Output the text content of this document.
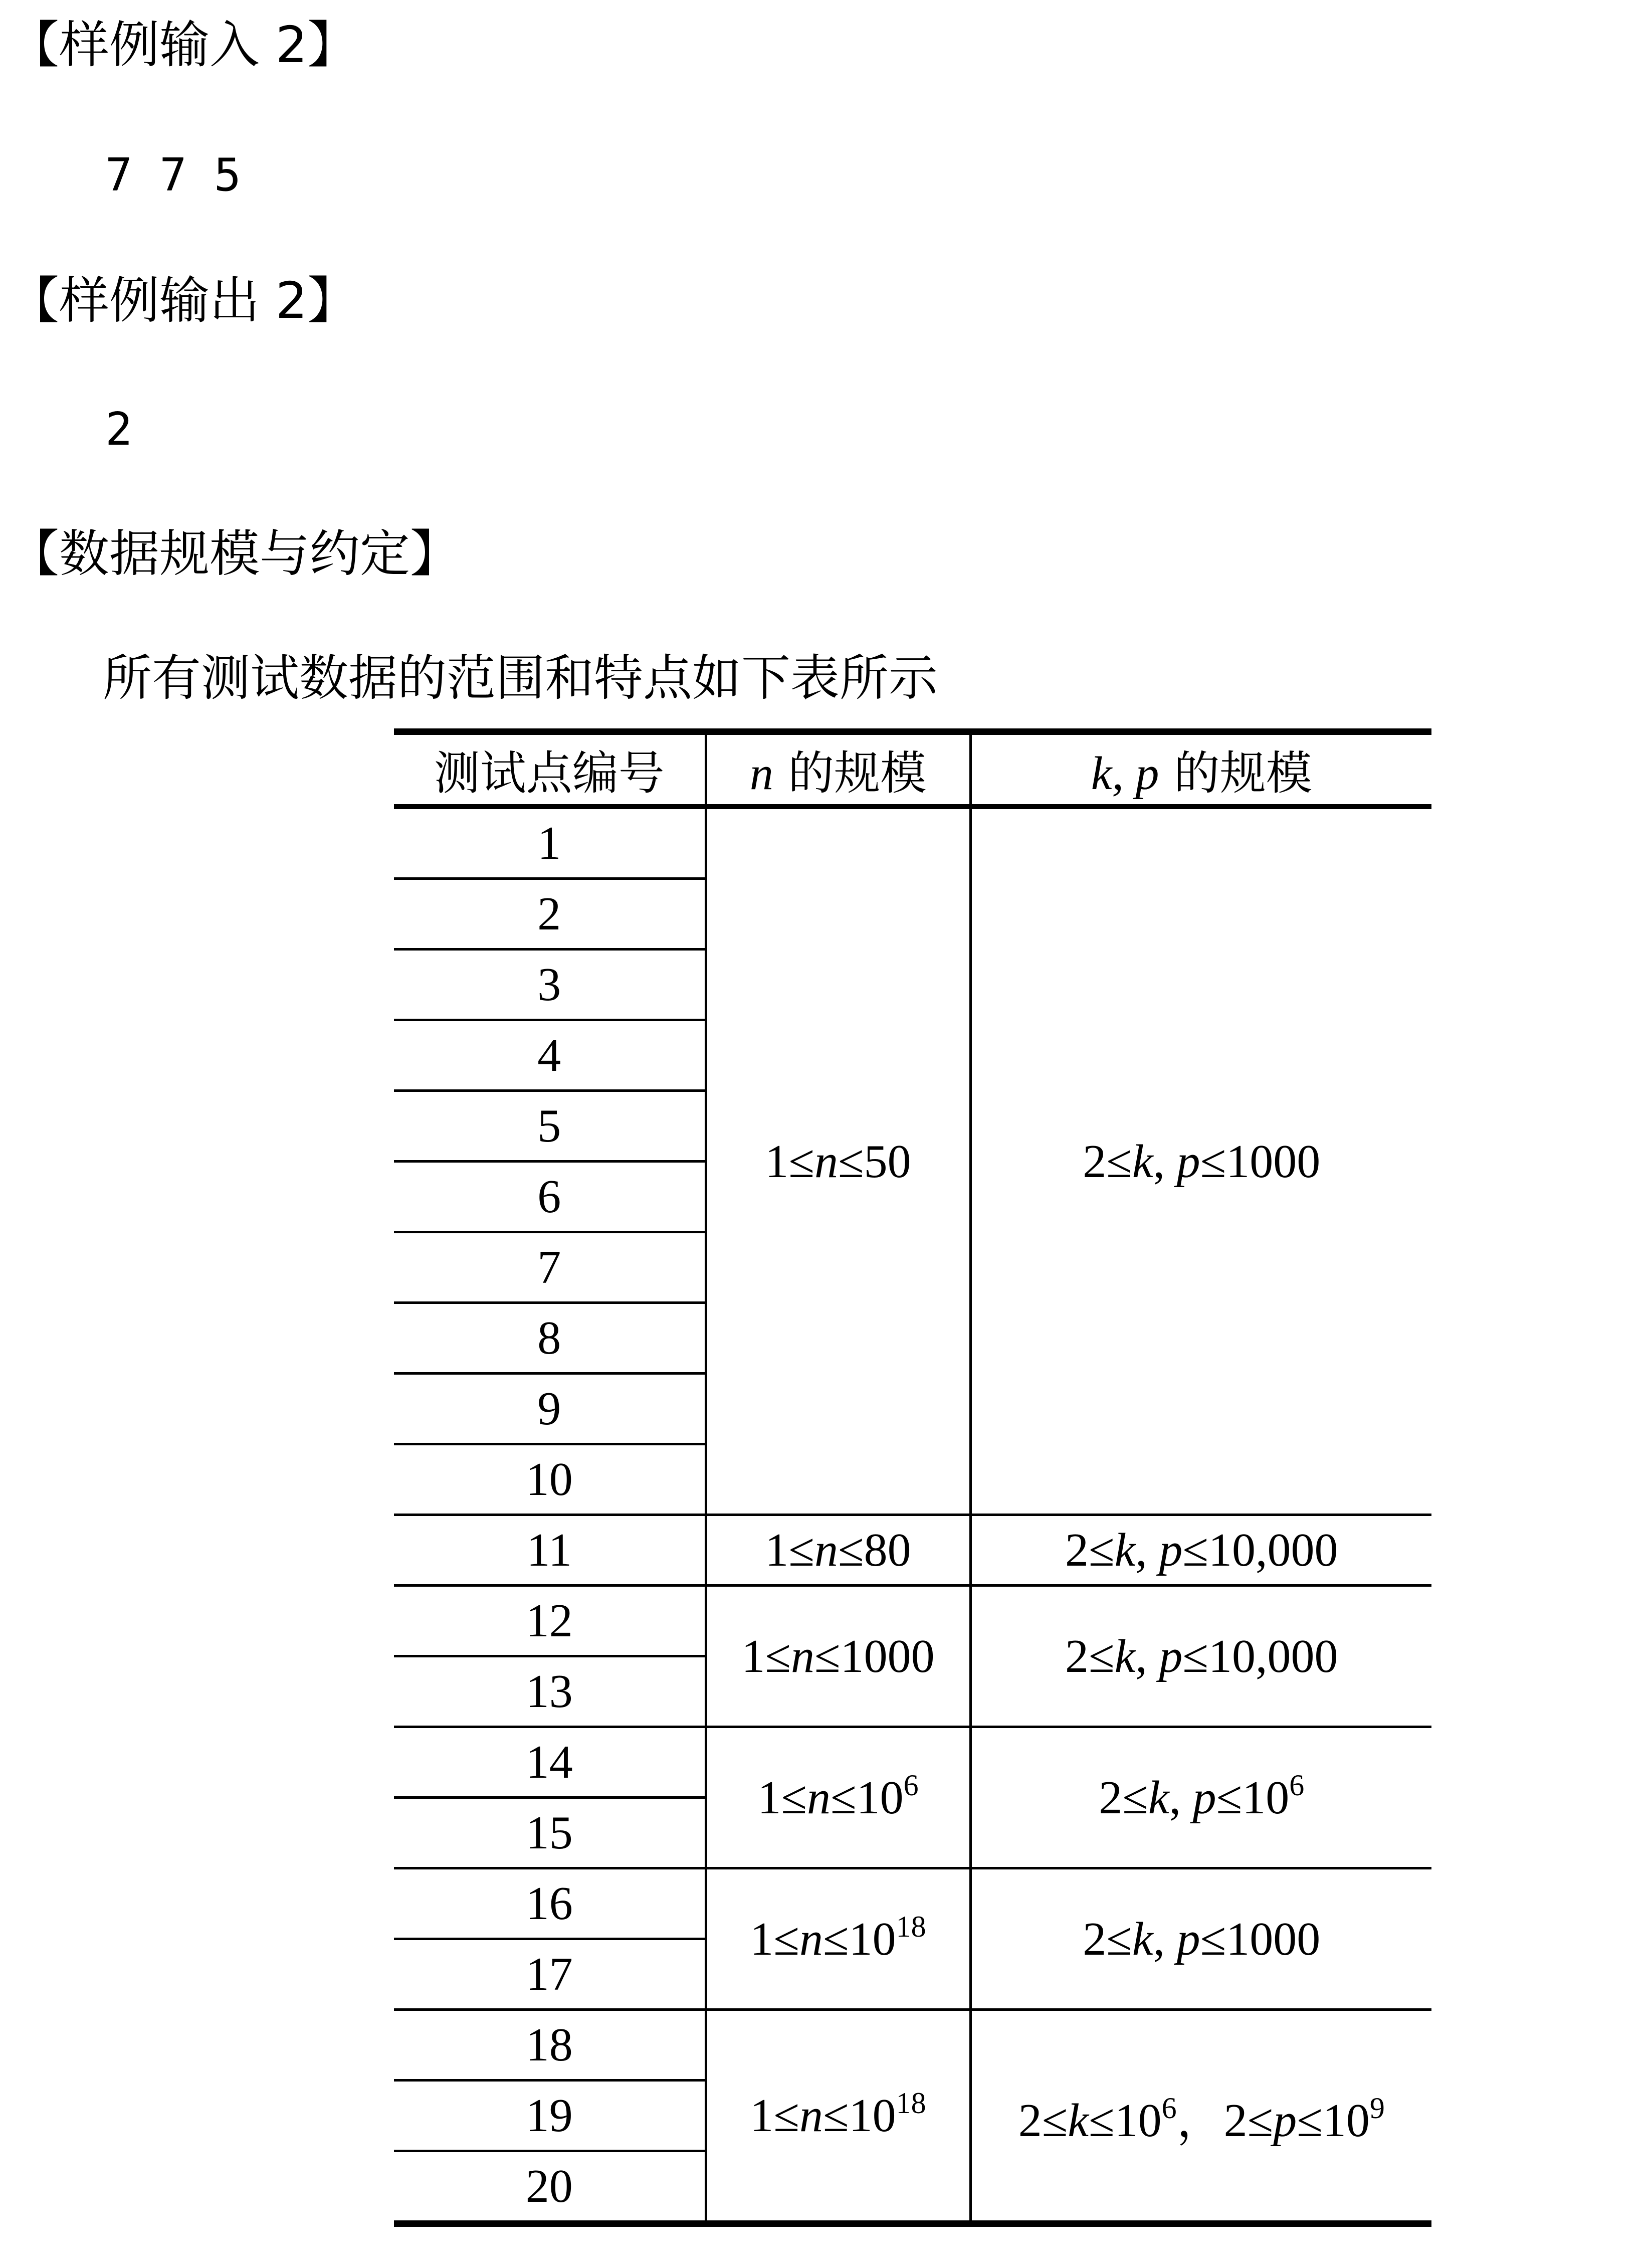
【样例输入 2】
7 7 5
【样例输出 2】
2
【数据规模与约定】
所有测试数据的范围和特点如下表所示
测试点编号	n 的规模	k, p 的规模
1	1≤n≤50	2≤k, p≤1000
2		
3		
4		
5		
6		
7		
8		
9		
10		
11	1≤n≤80	2≤k, p≤10,000
12	1≤n≤1000	2≤k, p≤10,000
13		
14	$1\le n\le 10^6$	2≤k, $p\le 10^6$
15		
16	$1\le n\le 10^{18}$	2≤k, p≤1000
17		
18	$1\le n\le 10^{18}$	$2\le k\le 10^6$，$2\le p\le 10^9$
19		
20		
